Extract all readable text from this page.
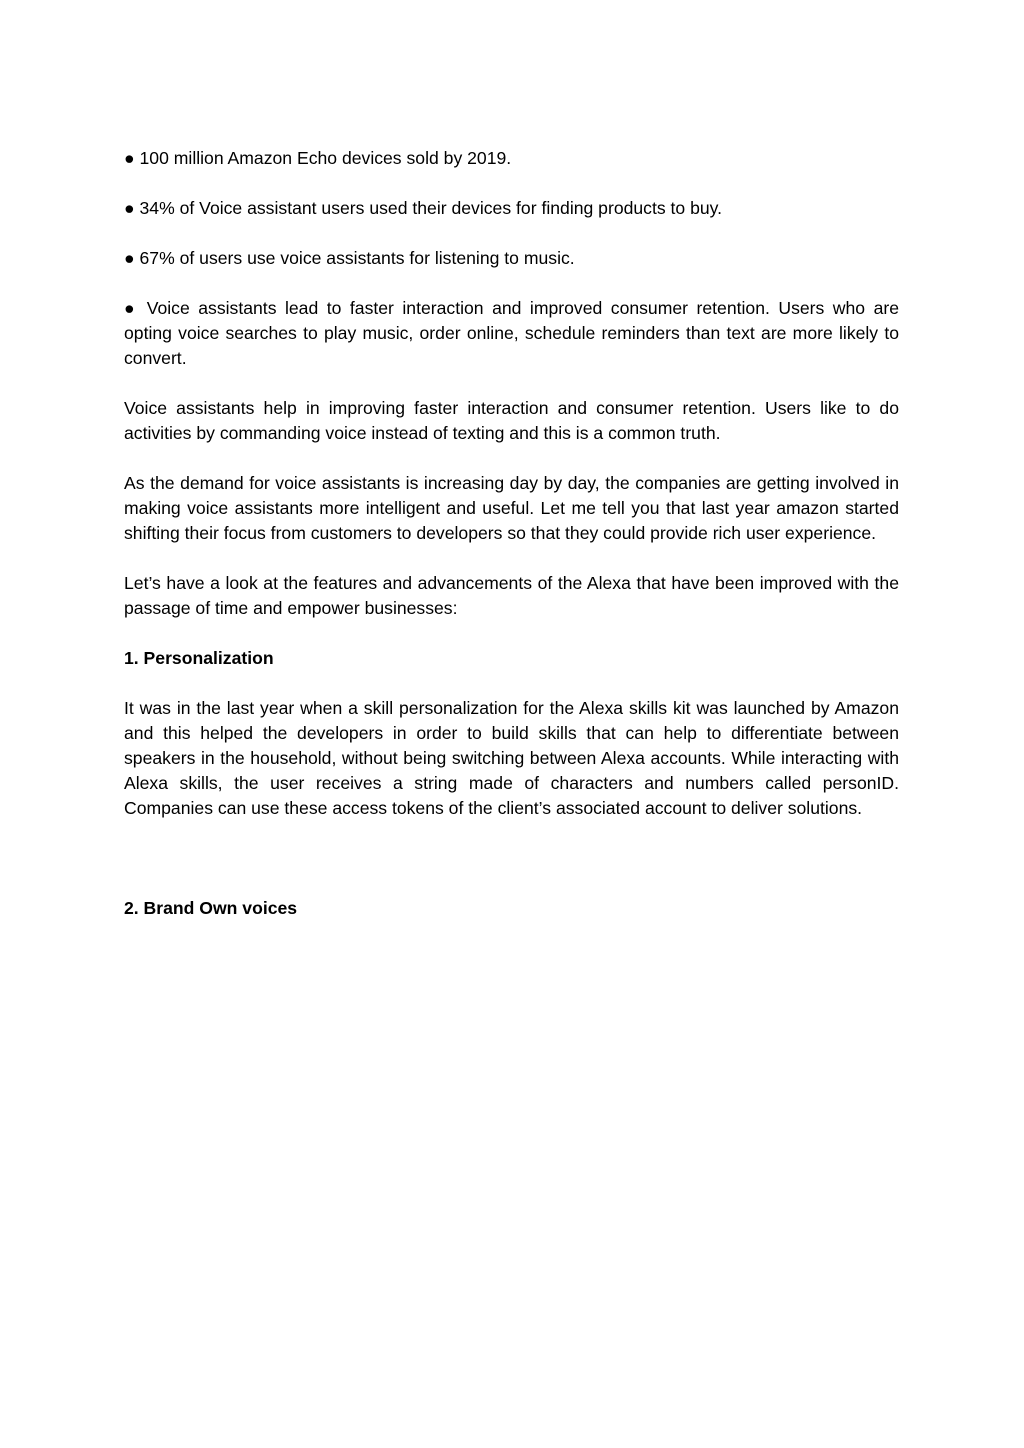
● 100 million Amazon Echo devices sold by 2019.

● 34% of Voice assistant users used their devices for finding products to buy.

● 67% of users use voice assistants for listening to music.

● Voice assistants lead to faster interaction and improved consumer retention. Users who are opting voice searches to play music, order online, schedule reminders than text are more likely to convert.

Voice assistants help in improving faster interaction and consumer retention. Users like to do activities by commanding voice instead of texting and this is a common truth.

As the demand for voice assistants is increasing day by day, the companies are getting involved in making voice assistants more intelligent and useful. Let me tell you that last year amazon started shifting their focus from customers to developers so that they could provide rich user experience.

Let’s have a look at the features and advancements of the Alexa that have been improved with the passage of time and empower businesses:

1. Personalization

It was in the last year when a skill personalization for the Alexa skills kit was launched by Amazon and this helped the developers in order to build skills that can help to differentiate between speakers in the household, without being switching between Alexa accounts. While interacting with Alexa skills, the user receives a string made of characters and numbers called personID. Companies can use these access tokens of the client’s associated account to deliver solutions.

2. Brand Own voices
